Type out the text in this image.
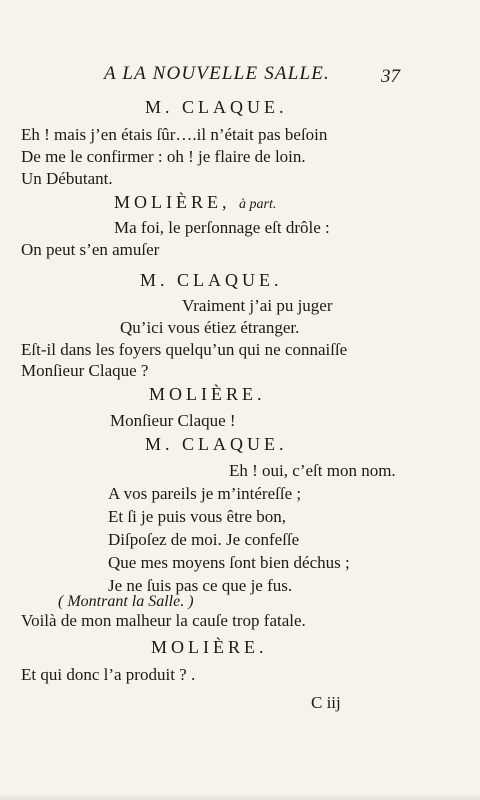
A LA NOUVELLE SALLE.	37
M. CLAQUE.
Eh ! mais j’en étais ſûr….il n’était pas beſoin
De me le confirmer : oh ! je flaire de loin.
Un Débutant.
MOLIÈRE, à part.
Ma foi, le perſonnage eſt drôle :
On peut s’en amuſer
M. CLAQUE.
Vraiment j’ai pu juger
Qu’ici vous étiez étranger.
Eſt-il dans les foyers quelqu’un qui ne connaiſſe
Monſieur Claque ?
MOLIÈRE.
Monſieur Claque !
M. CLAQUE.
Eh ! oui, c’eſt mon nom.
A vos pareils je m’intéreſſe ;
Et ſi je puis vous être bon,
Diſpoſez de moi. Je confeſſe
Que mes moyens ſont bien déchus ;
Je ne ſuis pas ce que je fus.
( Montrant la Salle. )
Voilà de mon malheur la cauſe trop fatale.
MOLIÈRE.
Et qui donc l’a produit ? .
C iij
